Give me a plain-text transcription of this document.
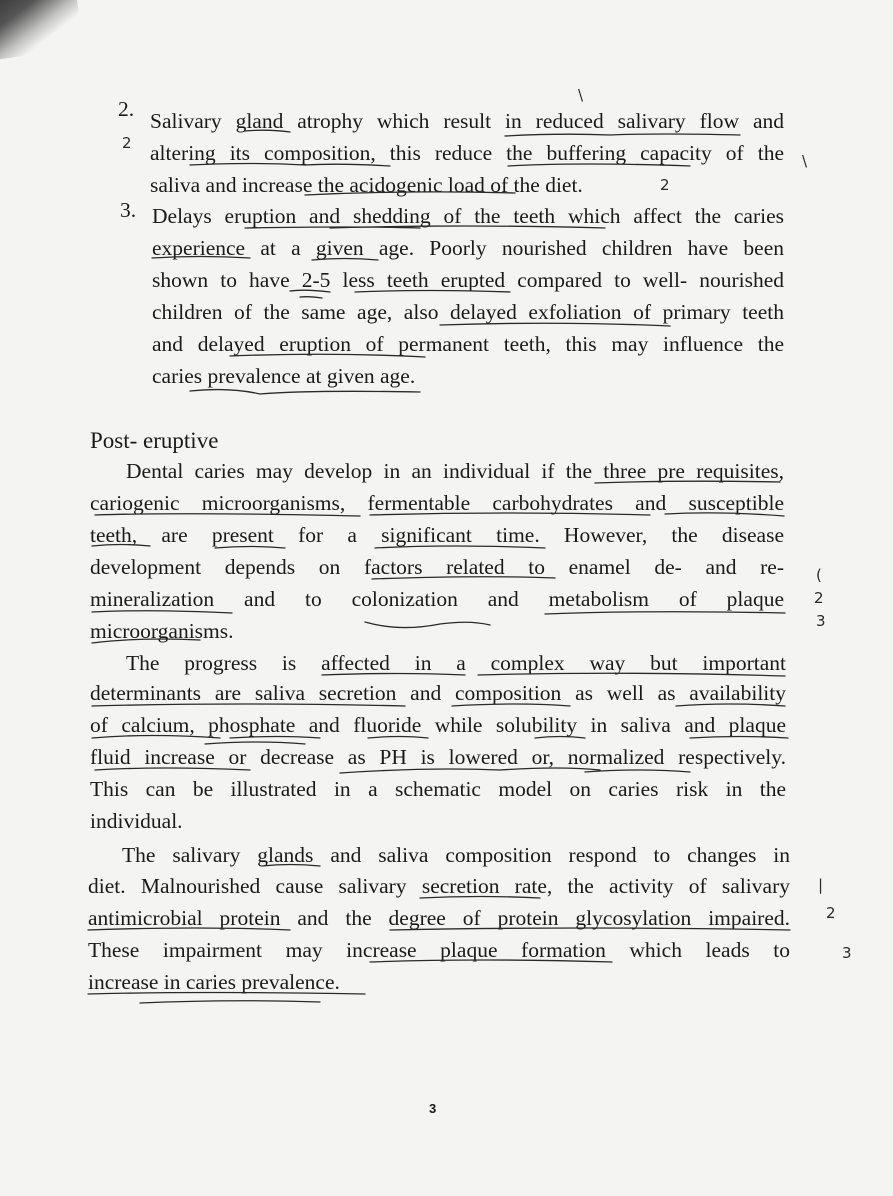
2. Salivary gland atrophy which result in reduced salivary flow and
altering its composition, this reduce the buffering capacity of the
saliva and increase the acidogenic load of the diet.
3. Delays eruption and shedding of the teeth which affect the caries
experience at a given age. Poorly nourished children have been
shown to have 2-5 less teeth erupted compared to well- nourished
children of the same age, also delayed exfoliation of primary teeth
and delayed eruption of permanent teeth, this may influence the
caries prevalence at given age.
Post- eruptive
Dental caries may develop in an individual if the three pre requisites,
cariogenic microorganisms, fermentable carbohydrates and susceptible
teeth, are present for a significant time. However, the disease
development depends on factors related to enamel de- and re-
mineralization and to colonization and metabolism of plaque
microorganisms.
The progress is affected in a complex way but important
determinants are saliva secretion and composition as well as availability
of calcium, phosphate and fluoride while solubility in saliva and plaque
fluid increase or decrease as PH is lowered or, normalized respectively.
This can be illustrated in a schematic model on caries risk in the
individual.
The salivary glands and saliva composition respond to changes in
diet. Malnourished cause salivary secretion rate, the activity of salivary
antimicrobial protein and the degree of protein glycosylation impaired.
These impairment may increase plaque formation which leads to
increase in caries prevalence.
3
2
2
\
\
(
2
3
|
2
3
